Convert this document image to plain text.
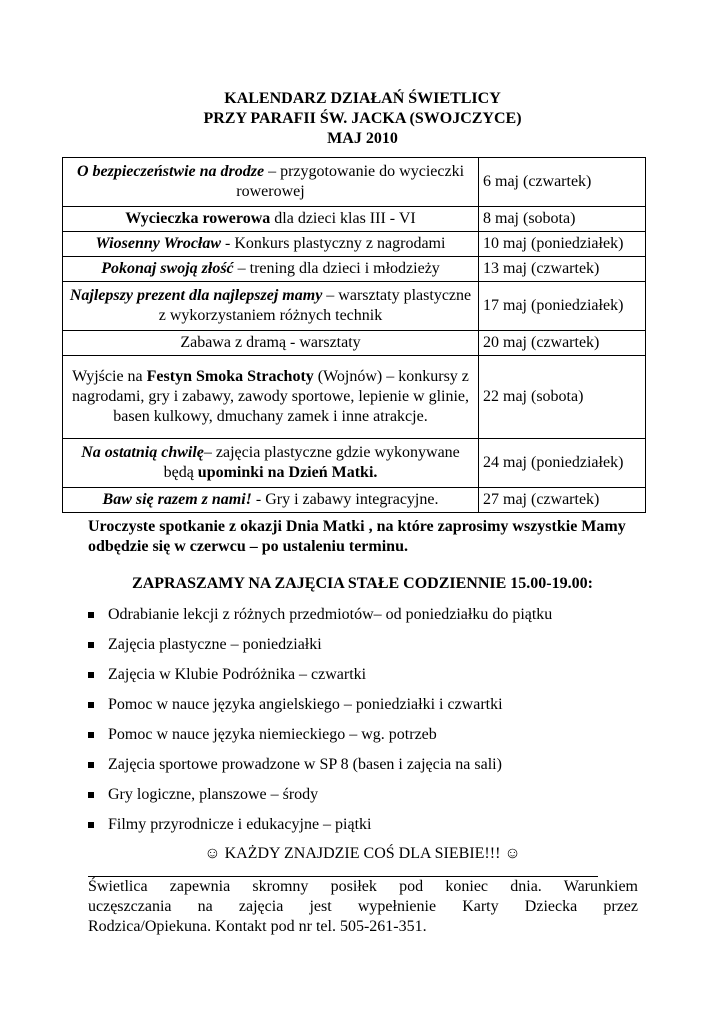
KALENDARZ DZIAŁAŃ ŚWIETLICY
PRZY PARAFII ŚW. JACKA (SWOJCZYCE)
MAJ 2010
O bezpieczeństwie na drodze – przygotowanie do wycieczki rowerowej	6 maj (czwartek)
Wycieczka rowerowa dla dzieci klas III - VI	8 maj (sobota)
Wiosenny Wrocław - Konkurs plastyczny z nagrodami	10 maj (poniedziałek)
Pokonaj swoją złość – trening dla dzieci i młodzieży	13 maj (czwartek)
Najlepszy prezent dla najlepszej mamy – warsztaty plastyczne z wykorzystaniem różnych technik	17 maj (poniedziałek)
Zabawa z dramą - warsztaty	20 maj (czwartek)
Wyjście na Festyn Smoka Strachoty (Wojnów) – konkursy z nagrodami, gry i zabawy, zawody sportowe, lepienie w glinie, basen kulkowy, dmuchany zamek i inne atrakcje.	22 maj (sobota)
Na ostatnią chwilę– zajęcia plastyczne gdzie wykonywane będą upominki na Dzień Matki.	24 maj (poniedziałek)
Baw się razem z nami! - Gry i zabawy integracyjne.	27 maj (czwartek)
Uroczyste spotkanie z okazji Dnia Matki , na które zaprosimy wszystkie Mamy odbędzie się w czerwcu – po ustaleniu terminu.
ZAPRASZAMY NA ZAJĘCIA STAŁE CODZIENNIE 15.00-19.00:
Odrabianie lekcji z różnych przedmiotów– od poniedziałku do piątku
Zajęcia plastyczne – poniedziałki
Zajęcia w Klubie Podróżnika – czwartki
Pomoc w nauce języka angielskiego – poniedziałki i czwartki
Pomoc w nauce języka niemieckiego – wg. potrzeb
Zajęcia sportowe prowadzone w SP 8 (basen i zajęcia na sali)
Gry logiczne, planszowe – środy
Filmy przyrodnicze i edukacyjne – piątki
☺ KAŻDY ZNAJDZIE COŚ DLA SIEBIE!!! ☺
Świetlica zapewnia skromny posiłek pod koniec dnia. Warunkiem
uczęszczania na zajęcia jest wypełnienie Karty Dziecka przez
Rodzica/Opiekuna. Kontakt pod nr tel. 505-261-351.
